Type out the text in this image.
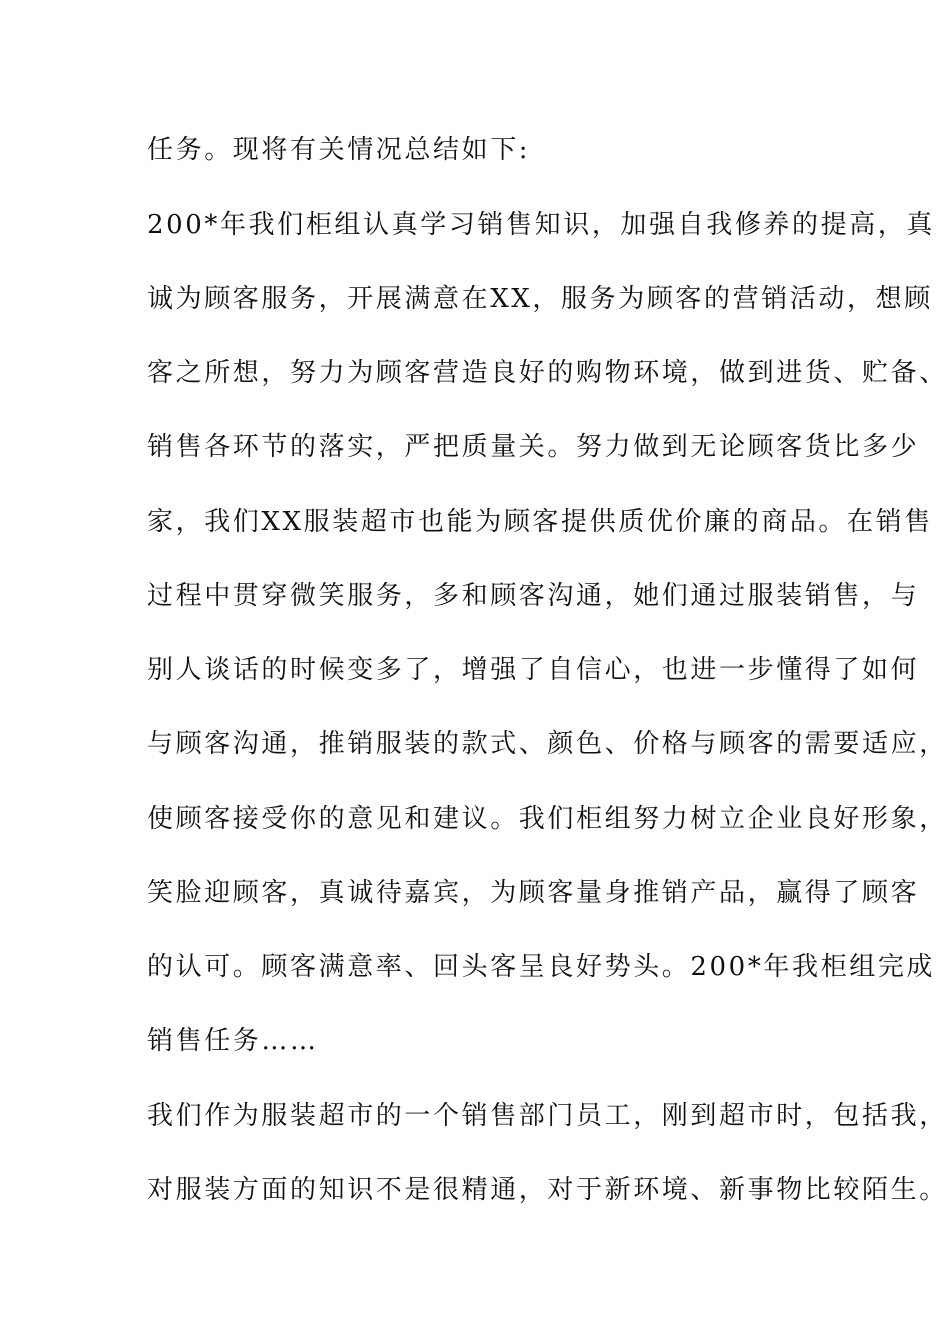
任务。现将有关情况总结如下:
200*年我们柜组认真学习销售知识，加强自我修养的提高，真
诚为顾客服务，开展满意在XX，服务为顾客的营销活动，想顾
客之所想，努力为顾客营造良好的购物环境，做到进货、贮备、
销售各环节的落实，严把质量关。努力做到无论顾客货比多少
家，我们XX服装超市也能为顾客提供质优价廉的商品。在销售
过程中贯穿微笑服务，多和顾客沟通，她们通过服装销售，与
别人谈话的时候变多了，增强了自信心，也进一步懂得了如何
与顾客沟通，推销服装的款式、颜色、价格与顾客的需要适应，
使顾客接受你的意见和建议。我们柜组努力树立企业良好形象，
笑脸迎顾客，真诚待嘉宾，为顾客量身推销产品，赢得了顾客
的认可。顾客满意率、回头客呈良好势头。200*年我柜组完成
销售任务……
我们作为服装超市的一个销售部门员工，刚到超市时，包括我，
对服装方面的知识不是很精通，对于新环境、新事物比较陌生。
